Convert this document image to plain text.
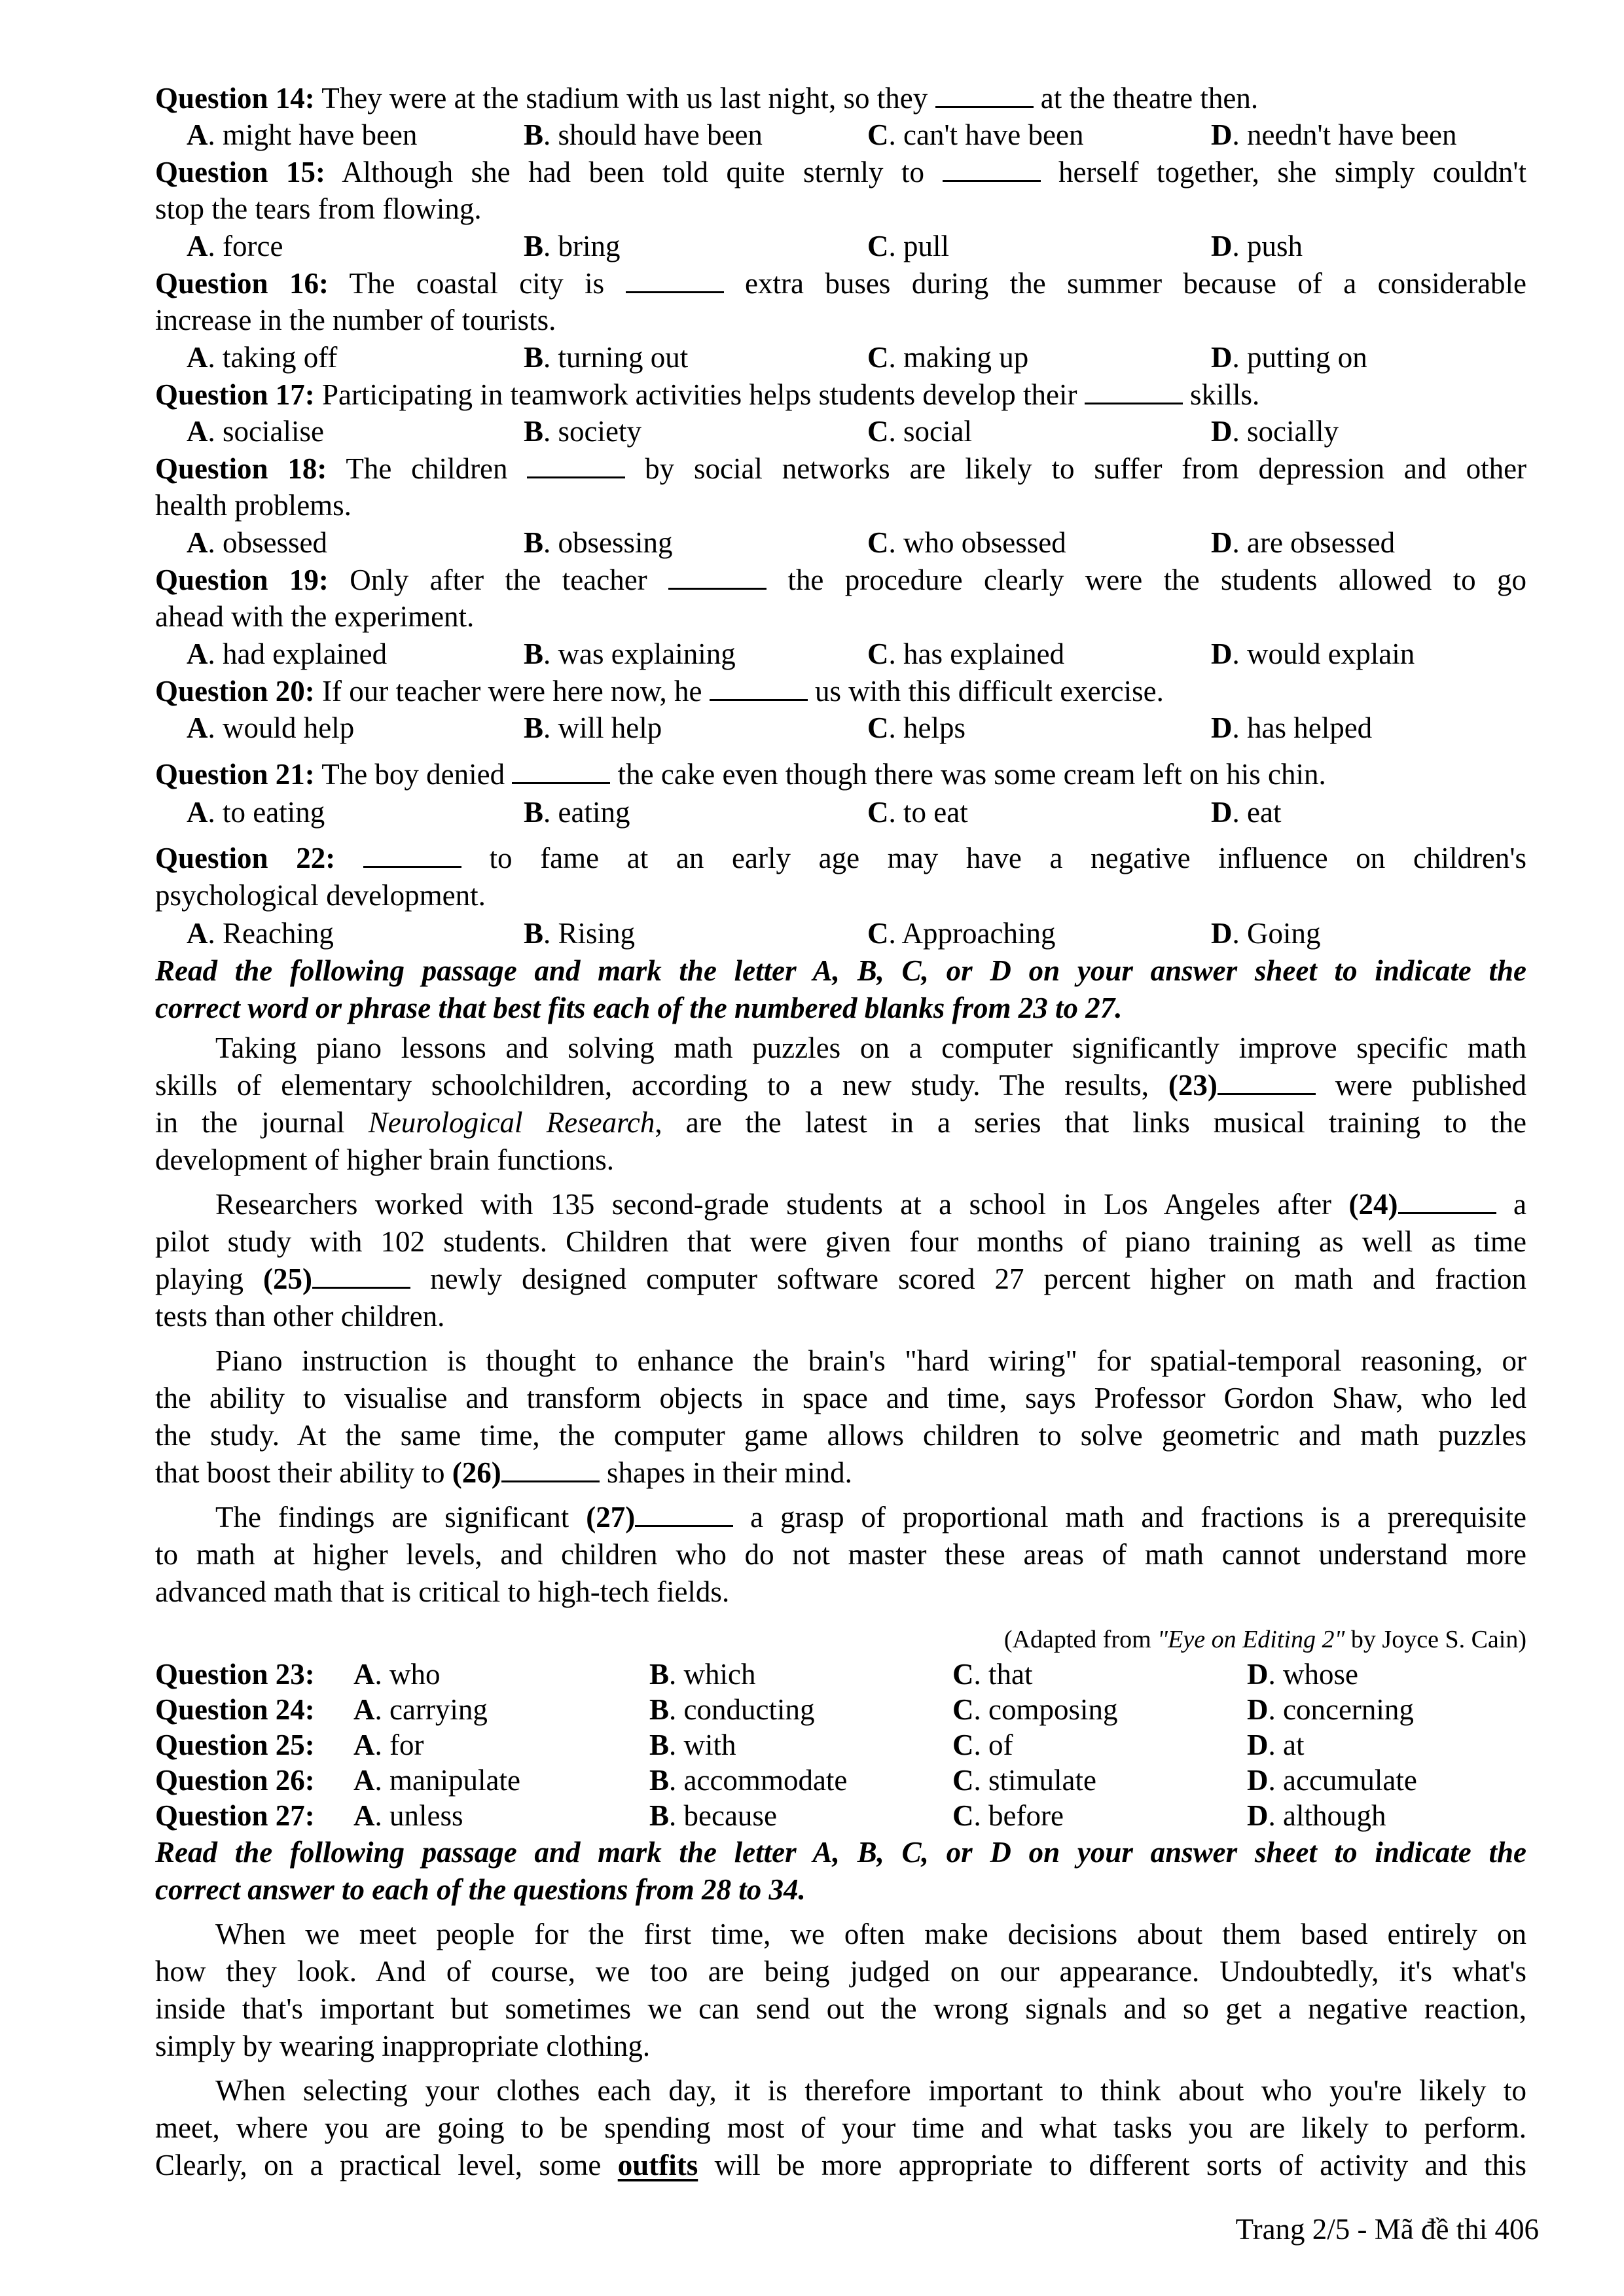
Question 14: They were at the stadium with us last night, so they	at the theatre then.
A. might have been	B. should have been	C. can't have been	D. needn't have been
Question 15: Although she had been told quite sternly to	herself together, she simply couldn't
stop the tears from flowing.
A. force	B. bring	C. pull	D. push
Question 16: The coastal city is	extra buses during the summer because of a considerable
increase in the number of tourists.
A. taking off	B. turning out	C. making up	D. putting on
Question 17: Participating in teamwork activities helps students develop their	skills.
A. socialise	B. society	C. social	D. socially
Question 18: The children	by social networks are likely to suffer from depression and other
health problems.
A. obsessed	B. obsessing	C. who obsessed	D. are obsessed
Question 19: Only after the teacher	the procedure clearly were the students allowed to go
ahead with the experiment.
A. had explained	B. was explaining	C. has explained	D. would explain
Question 20: If our teacher were here now, he	us with this difficult exercise.
A. would help	B. will help	C. helps	D. has helped
Question 21: The boy denied	the cake even though there was some cream left on his chin.
A. to eating	B. eating	C. to eat	D. eat
Question 22:	to fame at an early age may have a negative influence on children's
psychological development.
A. Reaching	B. Rising	C. Approaching	D. Going
Read the following passage and mark the letter A, B, C, or D on your answer sheet to indicate the
correct word or phrase that best fits each of the numbered blanks from 23 to 27.
Taking piano lessons and solving math puzzles on a computer significantly improve specific math
skills of elementary schoolchildren, according to a new study. The results, (23)	were published
in the journal Neurological Research, are the latest in a series that links musical training to the
development of higher brain functions.
Researchers worked with 135 second-grade students at a school in Los Angeles after (24)	a
pilot study with 102 students. Children that were given four months of piano training as well as time
playing (25)	newly designed computer software scored 27 percent higher on math and fraction
tests than other children.
Piano instruction is thought to enhance the brain's "hard wiring" for spatial-temporal reasoning, or
the ability to visualise and transform objects in space and time, says Professor Gordon Shaw, who led
the study. At the same time, the computer game allows children to solve geometric and math puzzles
that boost their ability to (26)	shapes in their mind.
The findings are significant (27)	a grasp of proportional math and fractions is a prerequisite
to math at higher levels, and children who do not master these areas of math cannot understand more
advanced math that is critical to high-tech fields.
(Adapted from "Eye on Editing 2" by Joyce S. Cain)
Question 23: A. who	B. which	C. that	D. whose
Question 24: A. carrying	B. conducting	C. composing	D. concerning
Question 25: A. for	B. with	C. of	D. at
Question 26: A. manipulate	B. accommodate	C. stimulate	D. accumulate
Question 27: A. unless	B. because	C. before	D. although
Read the following passage and mark the letter A, B, C, or D on your answer sheet to indicate the
correct answer to each of the questions from 28 to 34.
When we meet people for the first time, we often make decisions about them based entirely on
how they look. And of course, we too are being judged on our appearance. Undoubtedly, it's what's
inside that's important but sometimes we can send out the wrong signals and so get a negative reaction,
simply by wearing inappropriate clothing.
When selecting your clothes each day, it is therefore important to think about who you're likely to
meet, where you are going to be spending most of your time and what tasks you are likely to perform.
Clearly, on a practical level, some outfits will be more appropriate to different sorts of activity and this
Trang 2/5 - Mã đề thi 406
